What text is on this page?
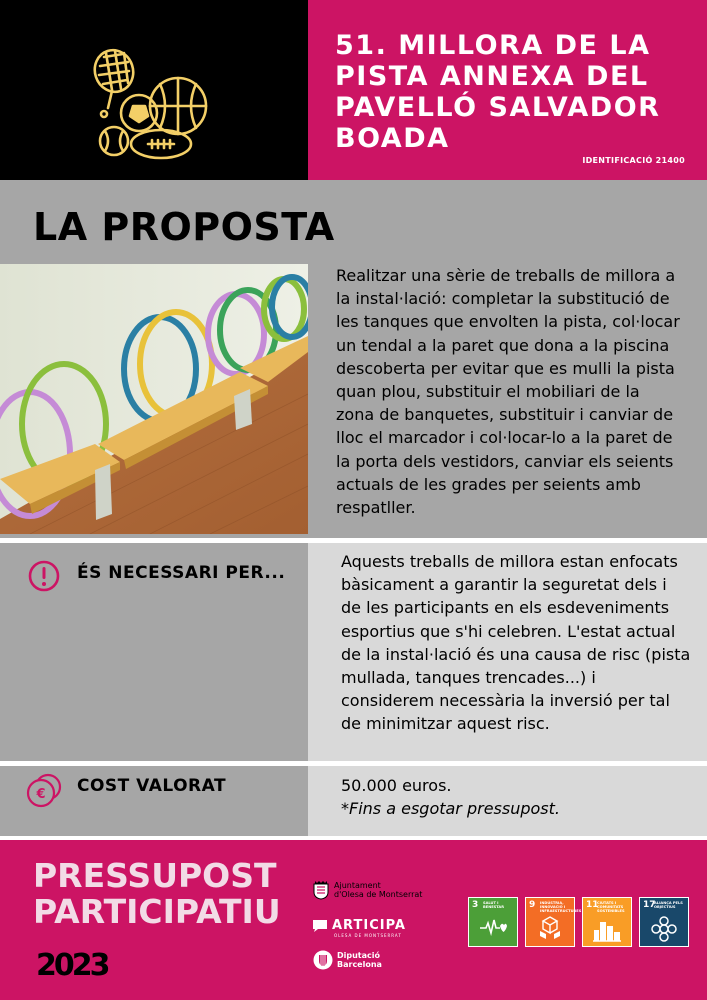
51. MILLORA DE LA
PISTA ANNEXA DEL
PAVELLÓ SALVADOR
BOADA
IDENTIFICACIÓ 21400
LA PROPOSTA

Realitzar una sèrie de treballs de millora a la instal·lació: completar la substitució de les tanques que envolten la pista, col·locar un tendal a la paret que dona a la piscina descoberta per evitar que es mulli la pista quan plou, substituir el mobiliari de la zona de banquetes, substituir i canviar de lloc el marcador i col·locar-lo a la paret de la porta dels vestidors, canviar els seients actuals de les grades per seients amb respatller.

ÉS NECESSARI PER...

Aquests treballs de millora estan enfocats bàsicament a garantir la seguretat dels i de les participants en els esdeveniments esportius que s'hi celebren. L'estat actual de la instal·lació és una causa de risc (pista mullada, tanques trencades...) i considerem necessària la inversió per tal de minimitzar aquest risc.

€ COST VALORAT	50.000 euros.
*Fins a esgotar pressupost.
PRESSUPOST
PARTICIPATIU
2023
Ajuntament
d'Olesa de Montserrat
ARTICIPA
OLESA DE MONTSERRAT
Diputació
Barcelona
3 SALUT I BENESTAR	9 INDÚSTRIA, INNOVACIÓ I INFRAESTRUCTURES
11
CIUTATS I COMUNITATS SOSTENIBLES
17
ALIANÇA PELS OBJECTIUS
